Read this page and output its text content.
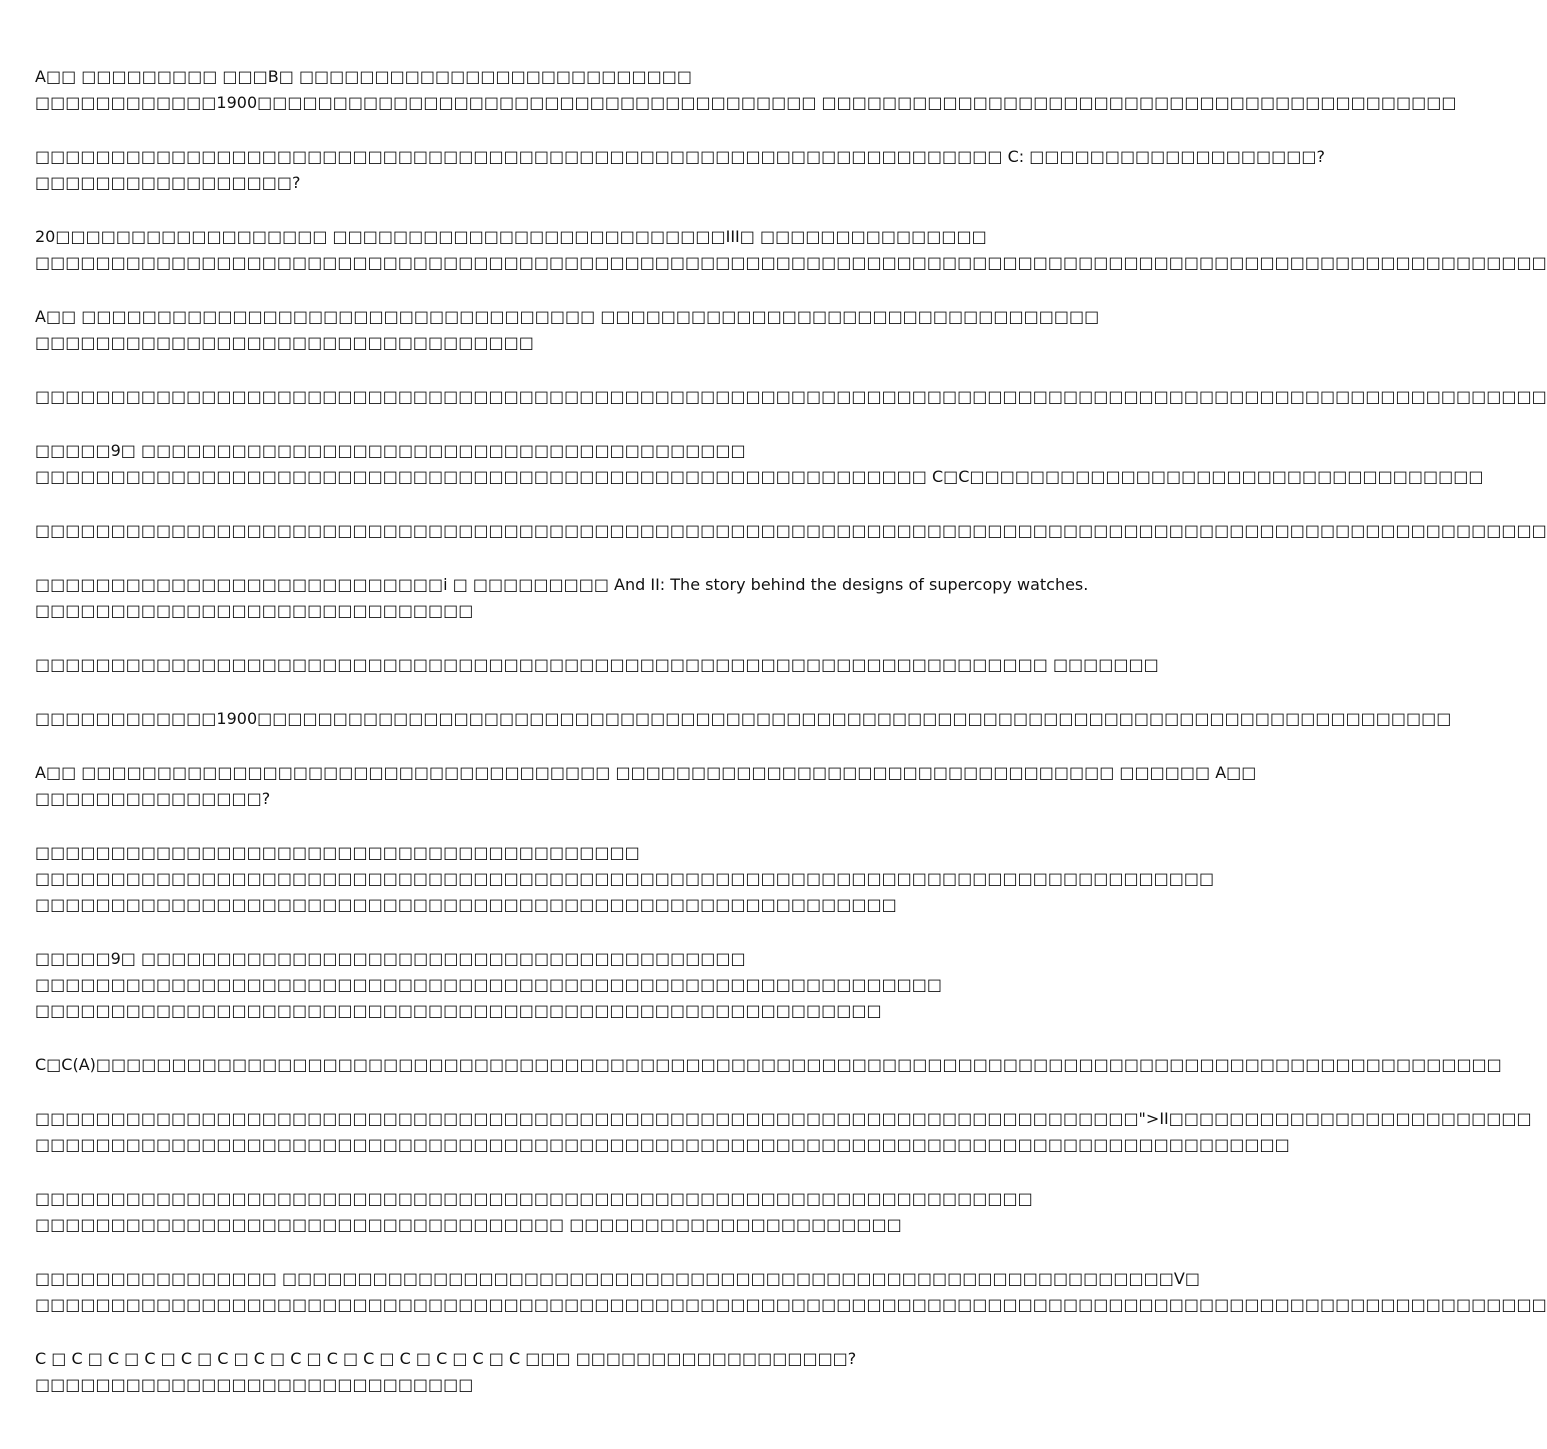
A□□ □□□□□□□□□ □□□B□ □□□□□□□□□□□□□□□□□□□□□□□□□□
□□□□□□□□□□□□1900□□□□□□□□□□□□□□□□□□□□□□□□□□□□□□□□□□□□□ □□□□□□□□□□□□□□□□□□□□□□□□□□□□□□□□□□□□□□□□□□
□□□□□□□□□□□□□□□□□□□□□□□□□□□□□□□□□□□□□□□□□□□□□□□□□□□□□□□□□□□□□□□□ C: □□□□□□□□□□□□□□□□□□□?
□□□□□□□□□□□□□□□□□?
20□□□□□□□□□□□□□□□□□□ □□□□□□□□□□□□□□□□□□□□□□□□□□III□ □□□□□□□□□□□□□□□
□□□□□□□□□□□□□□□□□□□□□□□□□□□□□□□□□□□□□□□□□□□□□□□□□□□□□□□□□□□□□□□□□□□□□□□□□□□□□□□□□□□□□□□□□□□□□□□□□□□□
A□□ □□□□□□□□□□□□□□□□□□□□□□□□□□□□□□□□□□ □□□□□□□□□□□□□□□□□□□□□□□□□□□□□□□□□
□□□□□□□□□□□□□□□□□□□□□□□□□□□□□□□□□
□□□□□□□□□□□□□□□□□□□□□□□□□□□□□□□□□□□□□□□□□□□□□□□□□□□□□□□□□□□□□□□□□□□□□□□□□□□□□□□□□□□□□□□□□□□□□□□□□□□□
□□□□□9□ □□□□□□□□□□□□□□□□□□□□□□□□□□□□□□□□□□□□□□□□
□□□□□□□□□□□□□□□□□□□□□□□□□□□□□□□□□□□□□□□□□□□□□□□□□□□□□□□□□□□ C□C□□□□□□□□□□□□□□□□□□□□□□□□□□□□□□□□□□
□□□□□□□□□□□□□□□□□□□□□□□□□□□□□□□□□□□□□□□□□□□□□□□□□□□□□□□□□□□□□□□□□□□□□□□□□□□□□□□□□□□□□□□□□□□□□□□□□□□□
□□□□□□□□□□□□□□□□□□□□□□□□□□□i □ □□□□□□□□□ And II: The story behind the designs of supercopy watches.
□□□□□□□□□□□□□□□□□□□□□□□□□□□□□
□□□□□□□□□□□□□□□□□□□□□□□□□□□□□□□□□□□□□□□□□□□□□□□□□□□□□□□□□□□□□□□□□□□ □□□□□□□
□□□□□□□□□□□□1900□□□□□□□□□□□□□□□□□□□□□□□□□□□□□□□□□□□□□□□□□□□□□□□□□□□□□□□□□□□□□□□□□□□□□□□□□□□□□□□
A□□ □□□□□□□□□□□□□□□□□□□□□□□□□□□□□□□□□□□ □□□□□□□□□□□□□□□□□□□□□□□□□□□□□□□□□ □□□□□□ A□□
□□□□□□□□□□□□□□□?
□□□□□□□□□□□□□□□□□□□□□□□□□□□□□□□□□□□□□□□□
□□□□□□□□□□□□□□□□□□□□□□□□□□□□□□□□□□□□□□□□□□□□□□□□□□□□□□□□□□□□□□□□□□□□□□□□□□□□□□
□□□□□□□□□□□□□□□□□□□□□□□□□□□□□□□□□□□□□□□□□□□□□□□□□□□□□□□□□
□□□□□9□ □□□□□□□□□□□□□□□□□□□□□□□□□□□□□□□□□□□□□□□□
□□□□□□□□□□□□□□□□□□□□□□□□□□□□□□□□□□□□□□□□□□□□□□□□□□□□□□□□□□□□
□□□□□□□□□□□□□□□□□□□□□□□□□□□□□□□□□□□□□□□□□□□□□□□□□□□□□□□□
C□C(A)□□□□□□□□□□□□□□□□□□□□□□□□□□□□□□□□□□□□□□□□□□□□□□□□□□□□□□□□□□□□□□□□□□□□□□□□□□□□□□□□□□□□□□□□□□□□□
□□□□□□□□□□□□□□□□□□□□□□□□□□□□□□□□□□□□□□□□□□□□□□□□□□□□□□□□□□□□□□□□□□□□□□□□□">II□□□□□□□□□□□□□□□□□□□□□□□□
□□□□□□□□□□□□□□□□□□□□□□□□□□□□□□□□□□□□□□□□□□□□□□□□□□□□□□□□□□□□□□□□□□□□□□□□□□□□□□□□□□□
□□□□□□□□□□□□□□□□□□□□□□□□□□□□□□□□□□□□□□□□□□□□□□□□□□□□□□□□□□□□□□□□□□
□□□□□□□□□□□□□□□□□□□□□□□□□□□□□□□□□□□ □□□□□□□□□□□□□□□□□□□□□□
□□□□□□□□□□□□□□□□ □□□□□□□□□□□□□□□□□□□□□□□□□□□□□□□□□□□□□□□□□□□□□□□□□□□□□□□□□□□V□
□□□□□□□□□□□□□□□□□□□□□□□□□□□□□□□□□□□□□□□□□□□□□□□□□□□□□□□□□□□□□□□□□□□□□□□□□□□□□□□□□□□□□□□□□□□□□□□□□□□□
C □ C □ C □ C □ C □ C □ C □ C □ C □ C □ C □ C □ C □ C □□□ □□□□□□□□□□□□□□□□□□?
□□□□□□□□□□□□□□□□□□□□□□□□□□□□□
